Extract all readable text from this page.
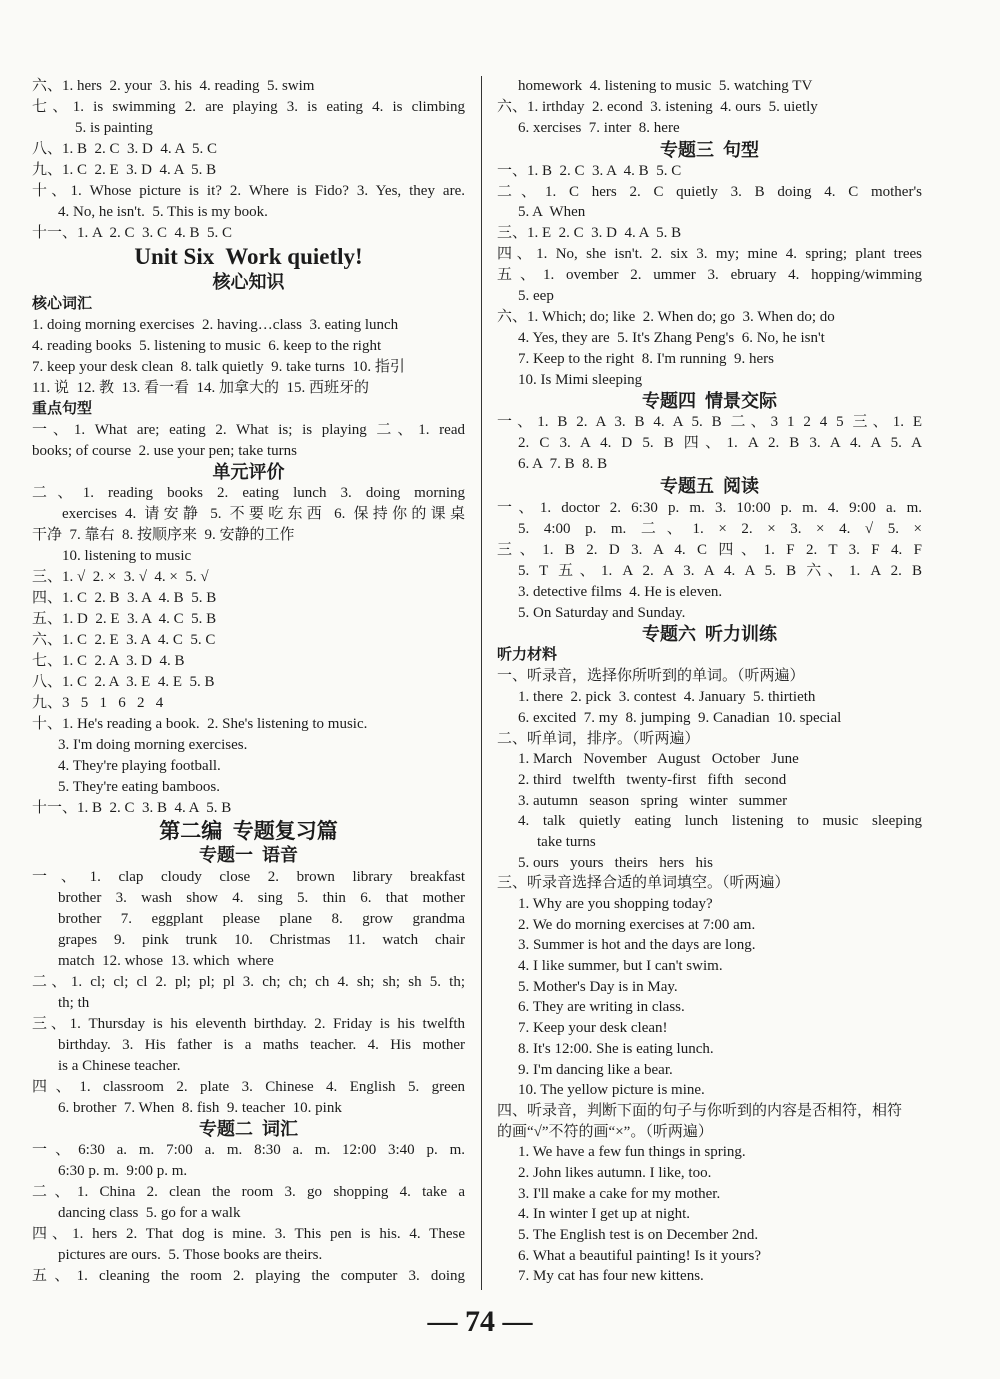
六、1. hers  2. your  3. his  4. reading  5. swim
七、1. is swimming 2. are playing 3. is eating 4. is climbing
5. is painting
八、1. B  2. C  3. D  4. A  5. C
九、1. C  2. E  3. D  4. A  5. B
十、1. Whose picture is it? 2. Where is Fido? 3. Yes, they are.
4. No, he isn't.  5. This is my book.
十一、1. A  2. C  3. C  4. B  5. C
Unit Six  Work quietly!
核心知识
核心词汇
1. doing morning exercises  2. having…class  3. eating lunch
4. reading books  5. listening to music  6. keep to the right
7. keep your desk clean  8. talk quietly  9. take turns  10. 指引
11. 说  12. 教  13. 看一看  14. 加拿大的  15. 西班牙的
重点句型
一、1. What are; eating 2. What is; is playing 二、1. read
books; of course  2. use your pen; take turns
单元评价
二、1. reading books 2. eating lunch 3. doing morning
exercises 4. 请安静 5. 不要吃东西 6. 保持你的课桌
干净  7. 靠右  8. 按顺序来  9. 安静的工作
10. listening to music
三、1. √  2. ×  3. √  4. ×  5. √
四、1. C  2. B  3. A  4. B  5. B
五、1. D  2. E  3. A  4. C  5. B
六、1. C  2. E  3. A  4. C  5. C
七、1. C  2. A  3. D  4. B
八、1. C  2. A  3. E  4. E  5. B
九、3   5   1   6   2   4
十、1. He's reading a book.  2. She's listening to music.
3. I'm doing morning exercises.
4. They're playing football.
5. They're eating bamboos.
十一、1. B  2. C  3. B  4. A  5. B
第二编  专题复习篇
专题一  语音
一、1. clap cloudy close 2. brown library breakfast
brother 3. wash show 4. sing 5. thin 6. that mother
brother 7. eggplant please plane 8. grow grandma
grapes 9. pink trunk 10. Christmas 11. watch chair
match  12. whose  13. which  where
二、1. cl; cl; cl 2. pl; pl; pl 3. ch; ch; ch 4. sh; sh; sh 5. th;
th; th
三、1. Thursday is his eleventh birthday. 2. Friday is his twelfth
birthday. 3. His father is a maths teacher. 4. His mother
is a Chinese teacher.
四、1. classroom 2. plate 3. Chinese 4. English 5. green
6. brother  7. When  8. fish  9. teacher  10. pink
专题二  词汇
一、6:30 a. m. 7:00 a. m. 8:30 a. m. 12:00 3:40 p. m.
6:30 p. m.  9:00 p. m.
二、1. China 2. clean the room 3. go shopping 4. take a
dancing class  5. go for a walk
四、1. hers 2. That dog is mine. 3. This pen is his. 4. These
pictures are ours.  5. Those books are theirs.
五、1. cleaning the room 2. playing the computer 3. doing
homework  4. listening to music  5. watching TV
六、1. irthday  2. econd  3. istening  4. ours  5. uietly
6. xercises  7. inter  8. here
专题三  句型
一、1. B  2. C  3. A  4. B  5. C
二、1. C hers 2. C quietly 3. B doing 4. C mother's
5. A  When
三、1. E  2. C  3. D  4. A  5. B
四、1. No, she isn't. 2. six 3. my; mine 4. spring; plant trees
五、1. ovember 2. ummer 3. ebruary 4. hopping/wimming
5. eep
六、1. Which; do; like  2. When do; go  3. When do; do
4. Yes, they are  5. It's Zhang Peng's  6. No, he isn't
7. Keep to the right  8. I'm running  9. hers
10. Is Mimi sleeping
专题四  情景交际
一、1. B 2. A 3. B 4. A 5. B 二、3 1 2 4 5 三、1. E
2. C 3. A 4. D 5. B 四、1. A 2. B 3. A 4. A 5. A
6. A  7. B  8. B
专题五  阅读
一、1. doctor 2. 6:30 p. m. 3. 10:00 p. m. 4. 9:00 a. m.
5. 4:00 p. m. 二、1. × 2. × 3. × 4. √ 5. ×
三、1. B 2. D 3. A 4. C 四、1. F 2. T 3. F 4. F
5. T 五、1. A 2. A 3. A 4. A 5. B 六、1. A 2. B
3. detective films  4. He is eleven.
5. On Saturday and Sunday.
专题六  听力训练
听力材料
一、听录音，选择你所听到的单词。（听两遍）
1. there  2. pick  3. contest  4. January  5. thirtieth
6. excited  7. my  8. jumping  9. Canadian  10. special
二、听单词，排序。（听两遍）
1. March   November   August   October   June
2. third   twelfth   twenty-first   fifth   second
3. autumn   season   spring   winter   summer
4. talk quietly eating lunch listening to music sleeping
take turns
5. ours   yours   theirs   hers   his
三、听录音选择合适的单词填空。（听两遍）
1. Why are you shopping today?
2. We do morning exercises at 7:00 am.
3. Summer is hot and the days are long.
4. I like summer, but I can't swim.
5. Mother's Day is in May.
6. They are writing in class.
7. Keep your desk clean!
8. It's 12:00. She is eating lunch.
9. I'm dancing like a bear.
10. The yellow picture is mine.
四、听录音，判断下面的句子与你听到的内容是否相符，相符
的画“√”不符的画“×”。（听两遍）
1. We have a few fun things in spring.
2. John likes autumn. I like, too.
3. I'll make a cake for my mother.
4. In winter I get up at night.
5. The English test is on December 2nd.
6. What a beautiful painting! Is it yours?
7. My cat has four new kittens.
— 74 —
